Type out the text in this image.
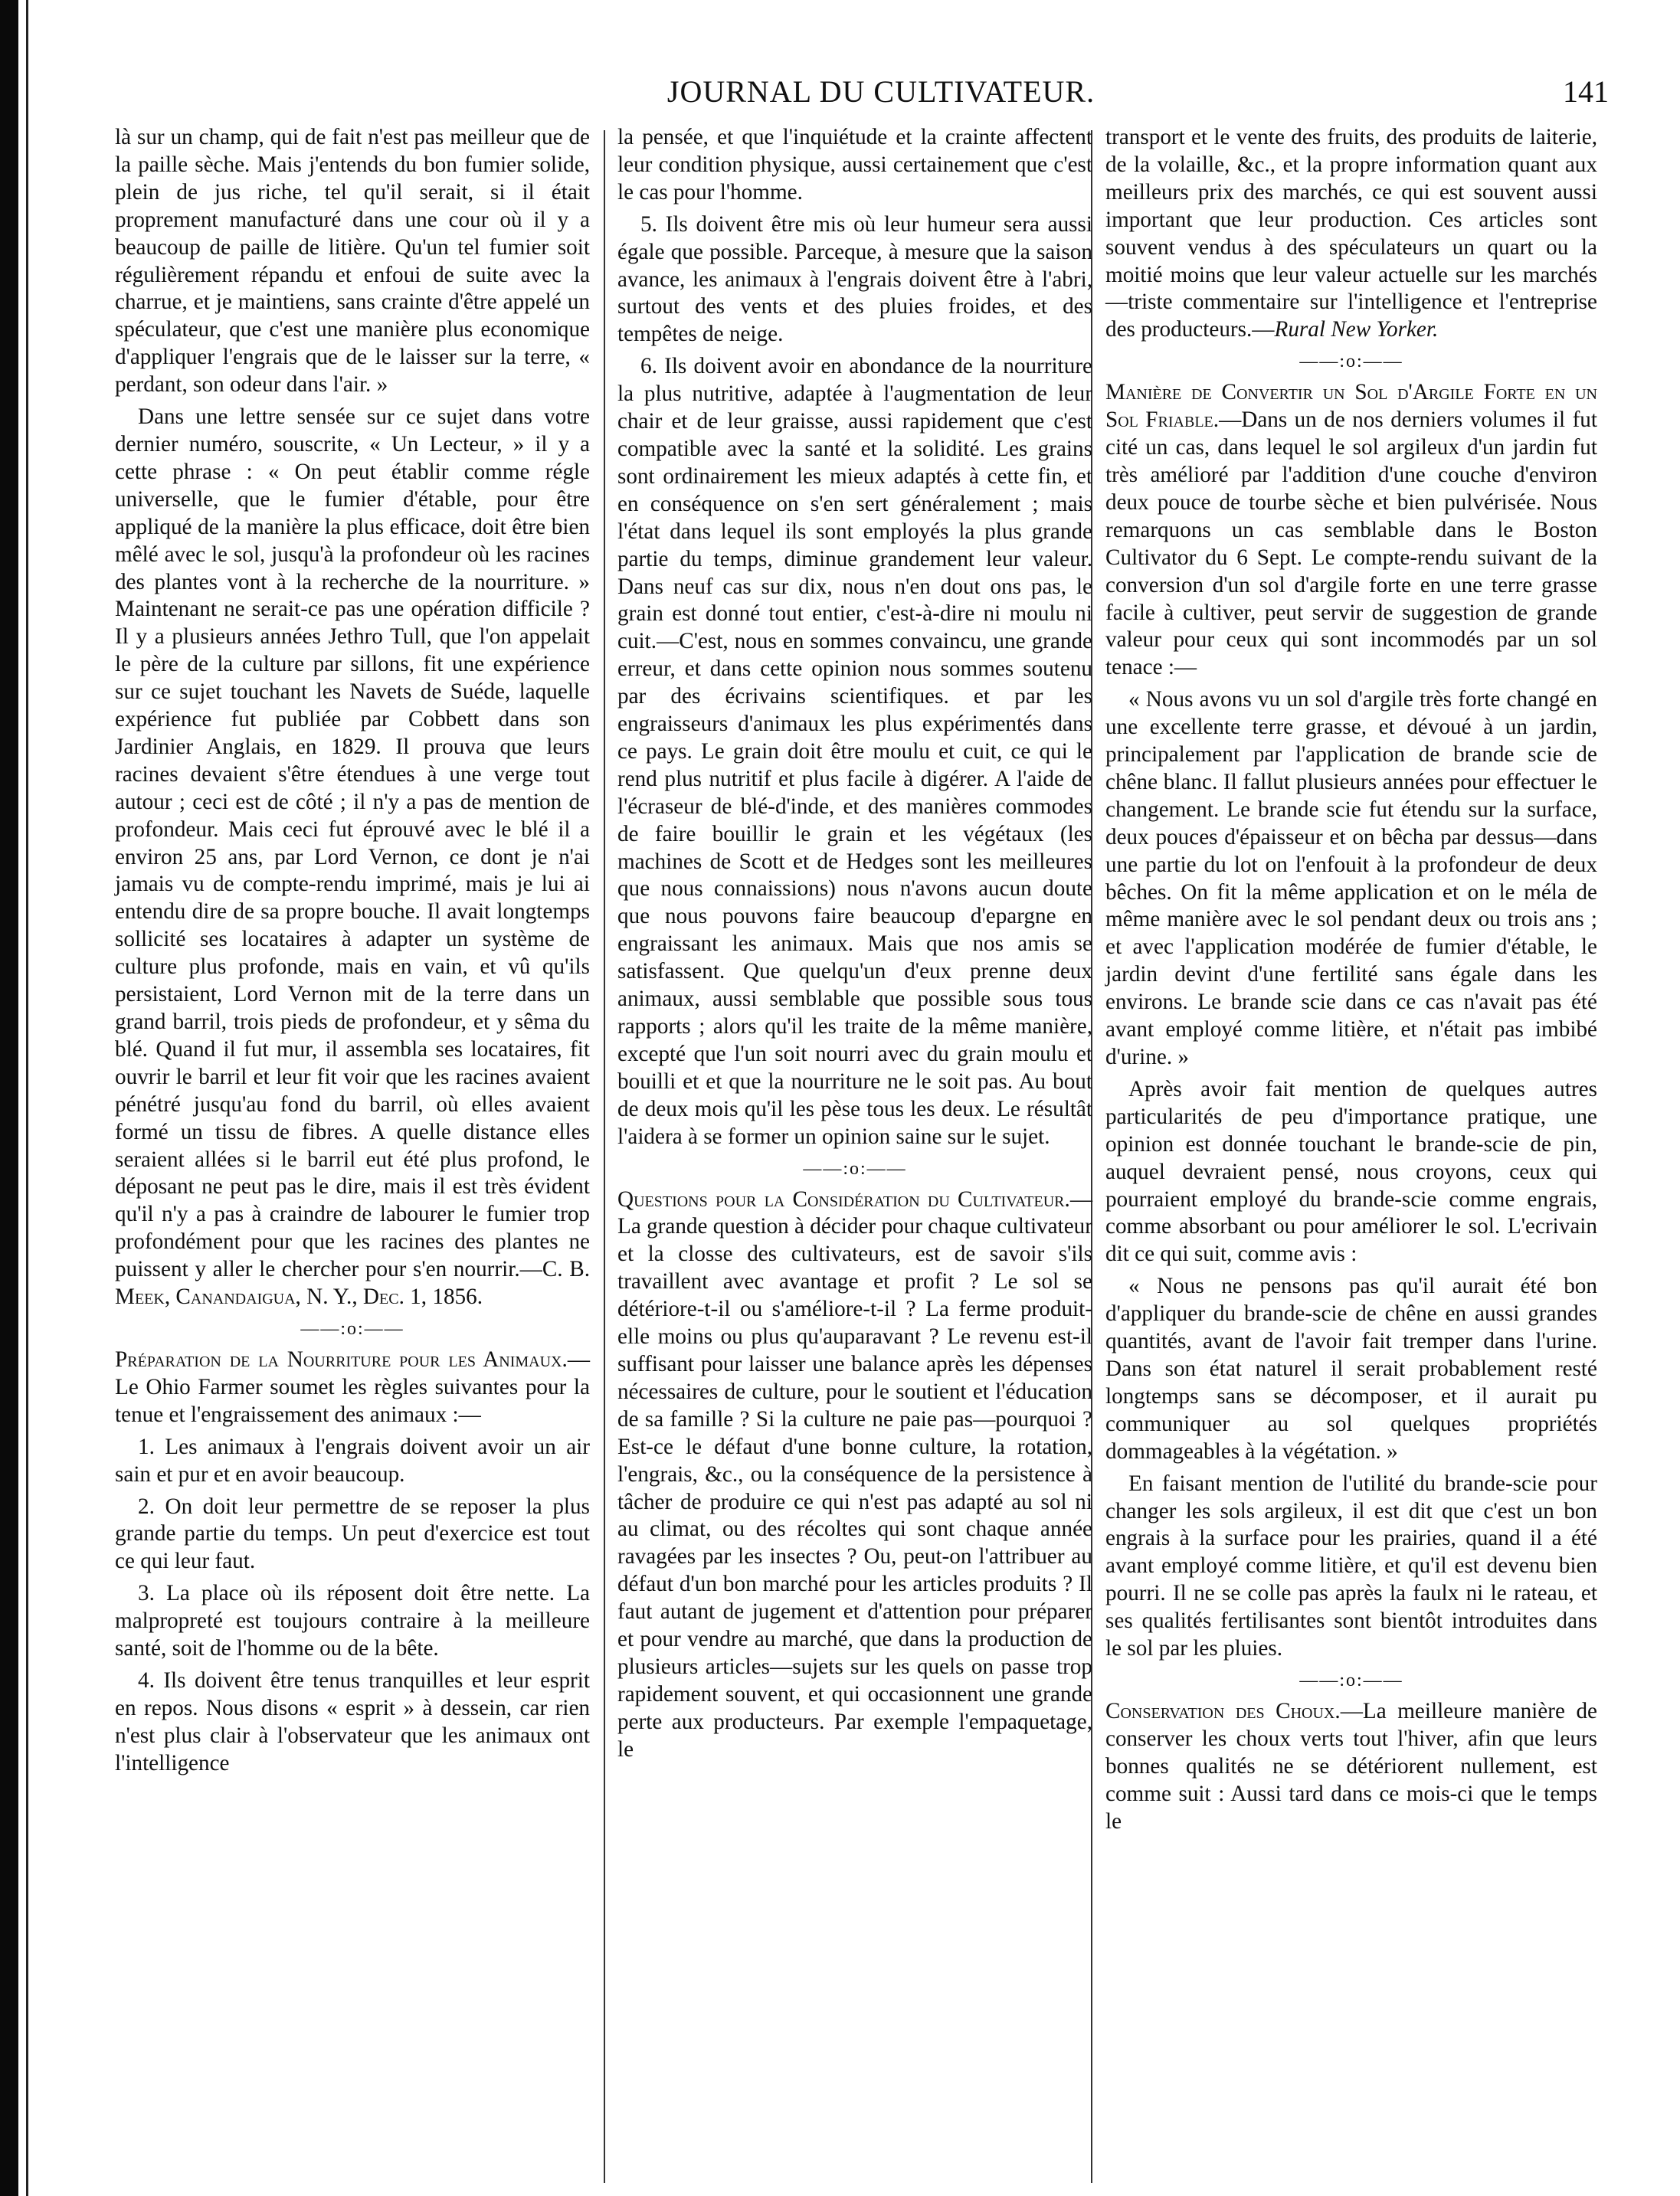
JOURNAL DU CULTIVATEUR.	141

là sur un champ, qui de fait n'est pas meilleur que de la paille sèche. Mais j'entends du bon fumier solide, plein de jus riche, tel qu'il serait, si il était proprement manufacturé dans une cour où il y a beaucoup de paille de litière. Qu'un tel fumier soit régulièrement répandu et enfoui de suite avec la charrue, et je maintiens, sans crainte d'être appelé un spéculateur, que c'est une manière plus economique d'appliquer l'engrais que de le laisser sur la terre, « perdant, son odeur dans l'air. »

Dans une lettre sensée sur ce sujet dans votre dernier numéro, souscrite, « Un Lecteur, » il y a cette phrase : « On peut établir comme régle universelle, que le fumier d'étable, pour être appliqué de la manière la plus efficace, doit être bien mêlé avec le sol, jusqu'à la profondeur où les racines des plantes vont à la recherche de la nourriture. » Maintenant ne serait-ce pas une opération difficile ? Il y a plusieurs années Jethro Tull, que l'on appelait le père de la culture par sillons, fit une expérience sur ce sujet touchant les Navets de Suéde, laquelle expérience fut publiée par Cobbett dans son Jardinier Anglais, en 1829. Il prouva que leurs racines devaient s'être étendues à une verge tout autour ; ceci est de côté ; il n'y a pas de mention de profondeur. Mais ceci fut éprouvé avec le blé il a environ 25 ans, par Lord Vernon, ce dont je n'ai jamais vu de compte-rendu imprimé, mais je lui ai entendu dire de sa propre bouche. Il avait longtemps sollicité ses locataires à adapter un système de culture plus profonde, mais en vain, et vû qu'ils persistaient, Lord Vernon mit de la terre dans un grand barril, trois pieds de profondeur, et y sêma du blé. Quand il fut mur, il assembla ses locataires, fit ouvrir le barril et leur fit voir que les racines avaient pénétré jusqu'au fond du barril, où elles avaient formé un tissu de fibres. A quelle distance elles seraient allées si le barril eut été plus profond, le déposant ne peut pas le dire, mais il est très évident qu'il n'y a pas à craindre de labourer le fumier trop profondément pour que les racines des plantes ne puissent y aller le chercher pour s'en nourrir.—C. B. Meek, Canandaigua, N. Y., Dec. 1, 1856.

——:o:——

Préparation de la Nourriture pour les Animaux.—Le Ohio Farmer soumet les règles suivantes pour la tenue et l'engraissement des animaux :—

1. Les animaux à l'engrais doivent avoir un air sain et pur et en avoir beaucoup.

2. On doit leur permettre de se reposer la plus grande partie du temps. Un peut d'exercice est tout ce qui leur faut.

3. La place où ils réposent doit être nette. La malpropreté est toujours contraire à la meilleure santé, soit de l'homme ou de la bête.

4. Ils doivent être tenus tranquilles et leur esprit en repos. Nous disons « esprit » à dessein, car rien n'est plus clair à l'observateur que les animaux ont l'intelligence

la pensée, et que l'inquiétude et la crainte affectent leur condition physique, aussi certainement que c'est le cas pour l'homme.

5. Ils doivent être mis où leur humeur sera aussi égale que possible. Parceque, à mesure que la saison avance, les animaux à l'engrais doivent être à l'abri, surtout des vents et des pluies froides, et des tempêtes de neige.

6. Ils doivent avoir en abondance de la nourriture la plus nutritive, adaptée à l'augmentation de leur chair et de leur graisse, aussi rapidement que c'est compatible avec la santé et la solidité. Les grains sont ordinairement les mieux adaptés à cette fin, et en conséquence on s'en sert généralement ; mais l'état dans lequel ils sont employés la plus grande partie du temps, diminue grandement leur valeur. Dans neuf cas sur dix, nous n'en dout ons pas, le grain est donné tout entier, c'est-à-dire ni moulu ni cuit.—C'est, nous en sommes convaincu, une grande erreur, et dans cette opinion nous sommes soutenu par des écrivains scientifiques. et par les engraisseurs d'animaux les plus expérimentés dans ce pays. Le grain doit être moulu et cuit, ce qui le rend plus nutritif et plus facile à digérer. A l'aide de l'écraseur de blé-d'inde, et des manières commodes de faire bouillir le grain et les végétaux (les machines de Scott et de Hedges sont les meilleures que nous connaissions) nous n'avons aucun doute que nous pouvons faire beaucoup d'epargne en engraissant les animaux. Mais que nos amis se satisfassent. Que quelqu'un d'eux prenne deux animaux, aussi semblable que possible sous tous rapports ; alors qu'il les traite de la même manière, excepté que l'un soit nourri avec du grain moulu et bouilli et et que la nourriture ne le soit pas. Au bout de deux mois qu'il les pèse tous les deux. Le résultât l'aidera à se former un opinion saine sur le sujet.

——:o:——

Questions pour la Considération du Cultivateur.—La grande question à décider pour chaque cultivateur et la closse des cultivateurs, est de savoir s'ils travaillent avec avantage et profit ? Le sol se détériore-t-il ou s'améliore-t-il ? La ferme produit-elle moins ou plus qu'auparavant ? Le revenu est-il suffisant pour laisser une balance après les dépenses nécessaires de culture, pour le soutient et l'éducation de sa famille ? Si la culture ne paie pas—pourquoi ? Est-ce le défaut d'une bonne culture, la rotation, l'engrais, &c., ou la conséquence de la persistence à tâcher de produire ce qui n'est pas adapté au sol ni au climat, ou des récoltes qui sont chaque année ravagées par les insectes ? Ou, peut-on l'attribuer au défaut d'un bon marché pour les articles produits ? Il faut autant de jugement et d'attention pour préparer et pour vendre au marché, que dans la production de plusieurs articles—sujets sur les quels on passe trop rapidement souvent, et qui occasionnent une grande perte aux producteurs. Par exemple l'empaquetage, le

transport et le vente des fruits, des produits de laiterie, de la volaille, &c., et la propre information quant aux meilleurs prix des marchés, ce qui est souvent aussi important que leur production. Ces articles sont souvent vendus à des spéculateurs un quart ou la moitié moins que leur valeur actuelle sur les marchés—triste commentaire sur l'intelligence et l'entreprise des producteurs.—Rural New Yorker.

——:o:——

Manière de Convertir un Sol d'Argile Forte en un Sol Friable.—Dans un de nos derniers volumes il fut cité un cas, dans lequel le sol argileux d'un jardin fut très amélioré par l'addition d'une couche d'environ deux pouce de tourbe sèche et bien pulvérisée. Nous remarquons un cas semblable dans le Boston Cultivator du 6 Sept. Le compte-rendu suivant de la conversion d'un sol d'argile forte en une terre grasse facile à cultiver, peut servir de suggestion de grande valeur pour ceux qui sont incommodés par un sol tenace :—

« Nous avons vu un sol d'argile très forte changé en une excellente terre grasse, et dévoué à un jardin, principalement par l'application de brande scie de chêne blanc. Il fallut plusieurs années pour effectuer le changement. Le brande scie fut étendu sur la surface, deux pouces d'épaisseur et on bêcha par dessus—dans une partie du lot on l'enfouit à la profondeur de deux bêches. On fit la même application et on le méla de même manière avec le sol pendant deux ou trois ans ; et avec l'application modérée de fumier d'étable, le jardin devint d'une fertilité sans égale dans les environs. Le brande scie dans ce cas n'avait pas été avant employé comme litière, et n'était pas imbibé d'urine. »

Après avoir fait mention de quelques autres particularités de peu d'importance pratique, une opinion est donnée touchant le brande-scie de pin, auquel devraient pensé, nous croyons, ceux qui pourraient employé du brande-scie comme engrais, comme absorbant ou pour améliorer le sol. L'ecrivain dit ce qui suit, comme avis :

« Nous ne pensons pas qu'il aurait été bon d'appliquer du brande-scie de chêne en aussi grandes quantités, avant de l'avoir fait tremper dans l'urine. Dans son état naturel il serait probablement resté longtemps sans se décomposer, et il aurait pu communiquer au sol quelques propriétés dommageables à la végétation. »

En faisant mention de l'utilité du brande-scie pour changer les sols argileux, il est dit que c'est un bon engrais à la surface pour les prairies, quand il a été avant employé comme litière, et qu'il est devenu bien pourri. Il ne se colle pas après la faulx ni le rateau, et ses qualités fertilisantes sont bientôt introduites dans le sol par les pluies.

——:o:——

Conservation des Choux.—La meilleure manière de conserver les choux verts tout l'hiver, afin que leurs bonnes qualités ne se détériorent nullement, est comme suit : Aussi tard dans ce mois-ci que le temps le
